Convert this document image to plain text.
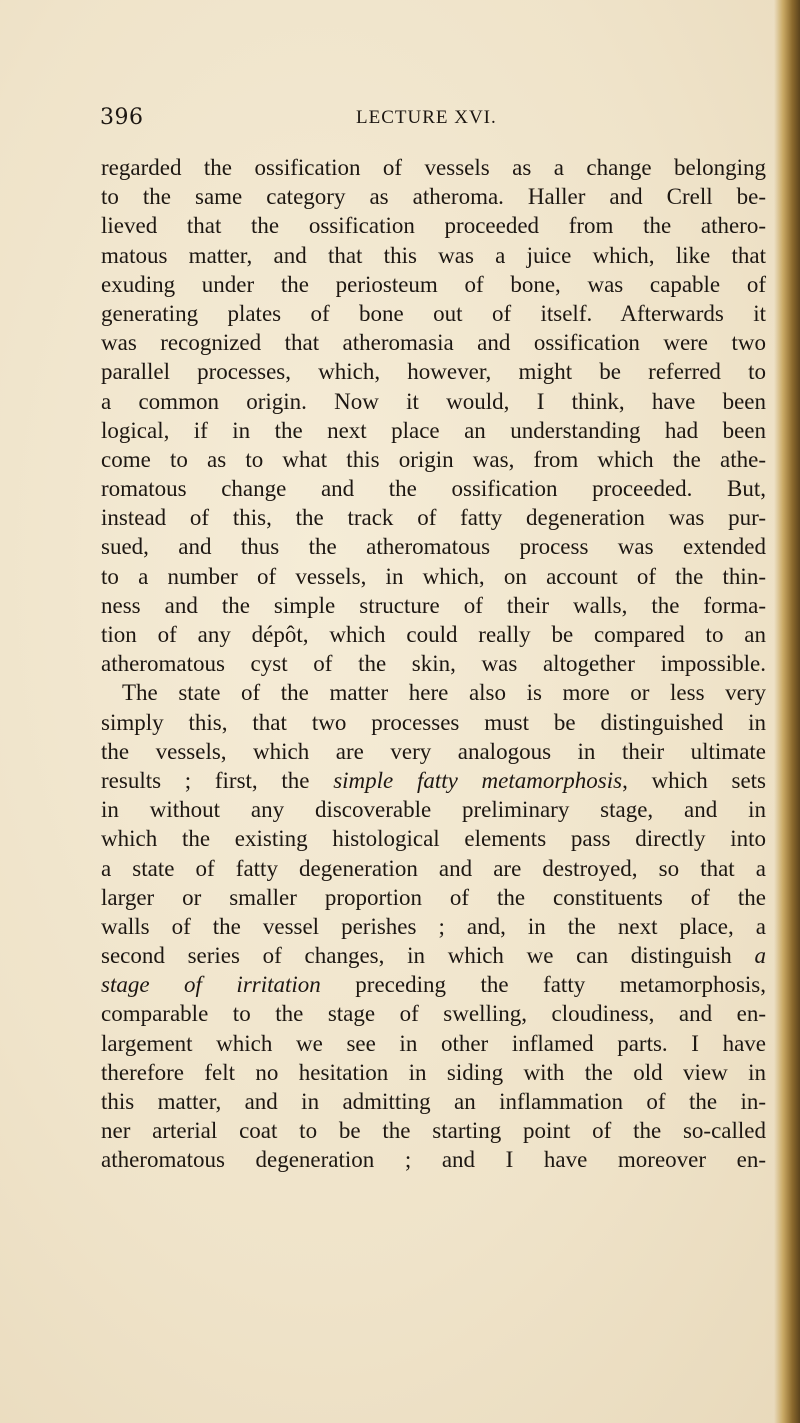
396	LECTURE XVI.
regarded the ossification of vessels as a change belonging
to the same category as atheroma. Haller and Crell be-
lieved that the ossification proceeded from the athero-
matous matter, and that this was a juice which, like that
exuding under the periosteum of bone, was capable of
generating plates of bone out of itself. Afterwards it
was recognized that atheromasia and ossification were two
parallel processes, which, however, might be referred to
a common origin. Now it would, I think, have been
logical, if in the next place an understanding had been
come to as to what this origin was, from which the athe-
romatous change and the ossification proceeded. But,
instead of this, the track of fatty degeneration was pur-
sued, and thus the atheromatous process was extended
to a number of vessels, in which, on account of the thin-
ness and the simple structure of their walls, the forma-
tion of any dépôt, which could really be compared to an
atheromatous cyst of the skin, was altogether impossible.
The state of the matter here also is more or less very
simply this, that two processes must be distinguished in
the vessels, which are very analogous in their ultimate
results ; first, the simple fatty metamorphosis, which sets
in without any discoverable preliminary stage, and in
which the existing histological elements pass directly into
a state of fatty degeneration and are destroyed, so that a
larger or smaller proportion of the constituents of the
walls of the vessel perishes ; and, in the next place, a
second series of changes, in which we can distinguish a
stage of irritation preceding the fatty metamorphosis,
comparable to the stage of swelling, cloudiness, and en-
largement which we see in other inflamed parts. I have
therefore felt no hesitation in siding with the old view in
this matter, and in admitting an inflammation of the in-
ner arterial coat to be the starting point of the so-called
atheromatous degeneration ; and I have moreover en-
